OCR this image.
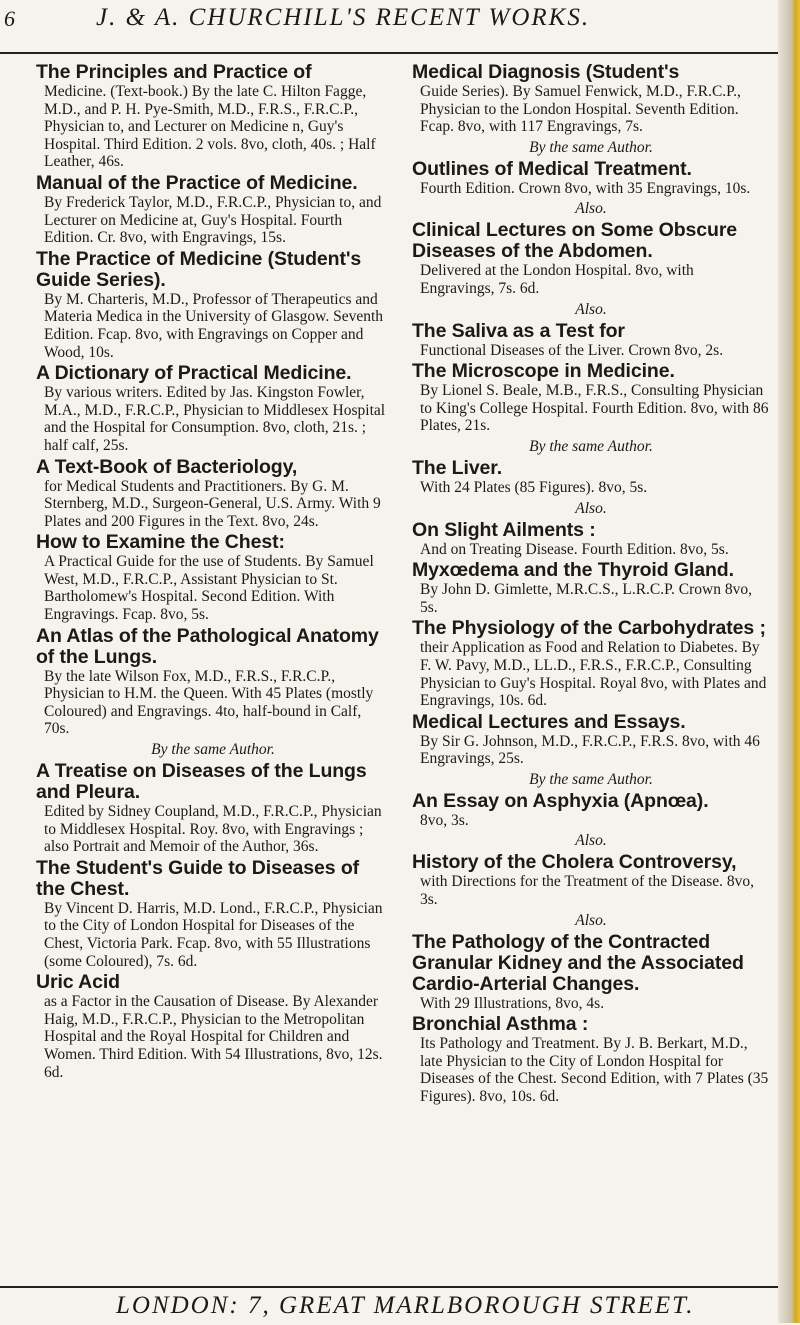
6	J. & A. CHURCHILL'S RECENT WORKS.
The Principles and Practice of
Medicine. (Text-book.) By the late C. Hilton Fagge, M.D., and P. H. Pye-Smith, M.D., F.R.S., F.R.C.P., Physician to, and Lecturer on Medicine n, Guy's Hospital. Third Edition. 2 vols. 8vo, cloth, 40s. ; Half Leather, 46s.
Manual of the Practice of Medicine.
By Frederick Taylor, M.D., F.R.C.P., Physician to, and Lecturer on Medicine at, Guy's Hospital. Fourth Edition. Cr. 8vo, with Engravings, 15s.
The Practice of Medicine (Student's Guide Series).
By M. Charteris, M.D., Professor of Therapeutics and Materia Medica in the University of Glasgow. Seventh Edition. Fcap. 8vo, with Engravings on Copper and Wood, 10s.
A Dictionary of Practical Medicine.
By various writers. Edited by Jas. Kingston Fowler, M.A., M.D., F.R.C.P., Physician to Middlesex Hospital and the Hospital for Consumption. 8vo, cloth, 21s. ; half calf, 25s.
A Text-Book of Bacteriology,
for Medical Students and Practitioners. By G. M. Sternberg, M.D., Surgeon-General, U.S. Army. With 9 Plates and 200 Figures in the Text. 8vo, 24s.
How to Examine the Chest:
A Practical Guide for the use of Students. By Samuel West, M.D., F.R.C.P., Assistant Physician to St. Bartholomew's Hospital. Second Edition. With Engravings. Fcap. 8vo, 5s.
An Atlas of the Pathological Anatomy of the Lungs.
By the late Wilson Fox, M.D., F.R.S., F.R.C.P., Physician to H.M. the Queen. With 45 Plates (mostly Coloured) and Engravings. 4to, half-bound in Calf, 70s.
By the same Author.
A Treatise on Diseases of the Lungs and Pleura.
Edited by Sidney Coupland, M.D., F.R.C.P., Physician to Middlesex Hospital. Roy. 8vo, with Engravings ; also Portrait and Memoir of the Author, 36s.
The Student's Guide to Diseases of the Chest.
By Vincent D. Harris, M.D. Lond., F.R.C.P., Physician to the City of London Hospital for Diseases of the Chest, Victoria Park. Fcap. 8vo, with 55 Illustrations (some Coloured), 7s. 6d.
Uric Acid
as a Factor in the Causation of Disease. By Alexander Haig, M.D., F.R.C.P., Physician to the Metropolitan Hospital and the Royal Hospital for Children and Women. Third Edition. With 54 Illustrations, 8vo, 12s. 6d.
Medical Diagnosis (Student's
Guide Series). By Samuel Fenwick, M.D., F.R.C.P., Physician to the London Hospital. Seventh Edition. Fcap. 8vo, with 117 Engravings, 7s.
By the same Author.
Outlines of Medical Treatment.
Fourth Edition. Crown 8vo, with 35 Engravings, 10s.
Also.
Clinical Lectures on Some Obscure Diseases of the Abdomen.
Delivered at the London Hospital. 8vo, with Engravings, 7s. 6d.
Also.
The Saliva as a Test for
Functional Diseases of the Liver. Crown 8vo, 2s.
The Microscope in Medicine.
By Lionel S. Beale, M.B., F.R.S., Consulting Physician to King's College Hospital. Fourth Edition. 8vo, with 86 Plates, 21s.
By the same Author.
The Liver.
With 24 Plates (85 Figures). 8vo, 5s.
Also.
On Slight Ailments :
And on Treating Disease. Fourth Edition. 8vo, 5s.
Myxœdema and the Thyroid Gland.
By John D. Gimlette, M.R.C.S., L.R.C.P. Crown 8vo, 5s.
The Physiology of the Carbohydrates ;
their Application as Food and Relation to Diabetes. By F. W. Pavy, M.D., LL.D., F.R.S., F.R.C.P., Consulting Physician to Guy's Hospital. Royal 8vo, with Plates and Engravings, 10s. 6d.
Medical Lectures and Essays.
By Sir G. Johnson, M.D., F.R.C.P., F.R.S. 8vo, with 46 Engravings, 25s.
By the same Author.
An Essay on Asphyxia (Apnœa).
8vo, 3s.
Also.
History of the Cholera Controversy,
with Directions for the Treatment of the Disease. 8vo, 3s.
Also.
The Pathology of the Contracted Granular Kidney and the Associated Cardio-Arterial Changes.
With 29 Illustrations, 8vo, 4s.
Bronchial Asthma :
Its Pathology and Treatment. By J. B. Berkart, M.D., late Physician to the City of London Hospital for Diseases of the Chest. Second Edition, with 7 Plates (35 Figures). 8vo, 10s. 6d.
LONDON: 7, GREAT MARLBOROUGH STREET.
